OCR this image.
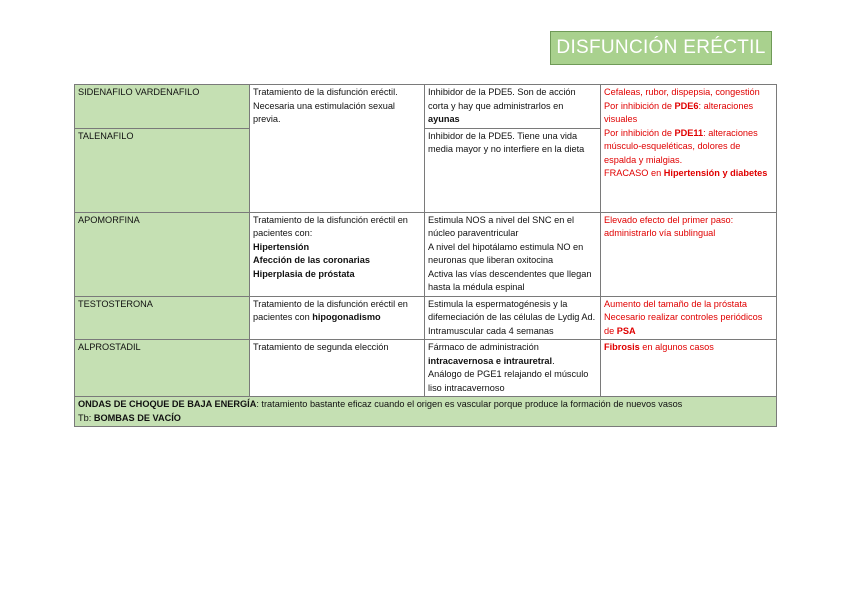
DISFUNCIÓN ERÉCTIL
SIDENAFILO VARDENAFILO	Tratamiento de la disfunción eréctil. Necesaria una estimulación sexual previa.	Inhibidor de la PDE5. Son de acción corta y hay que administrarlos en ayunas	Cefaleas, rubor, dispepsia, congestión
Por inhibición de PDE6: alteraciones visuales
Por inhibición de PDE11: alteraciones músculo-esqueléticas, dolores de espalda y mialgias.
FRACASO en Hipertensión y diabetes

TALENAFILO		Inhibidor de la PDE5. Tiene una vida media mayor y no interfiere en la dieta	
APOMORFINA	Tratamiento de la disfunción eréctil en pacientes con:
Hipertensión
Afección de las coronarias
Hiperplasia de próstata	Estimula NOS a nivel del SNC en el núcleo paraventricular
A nivel del hipotálamo estimula NO en neuronas que liberan oxitocina
Activa las vías descendentes que llegan hasta la médula espinal	Elevado efecto del primer paso: administrarlo vía sublingual
TESTOSTERONA	Tratamiento de la disfunción eréctil en pacientes con hipogonadismo	Estimula la espermatogénesis y la difemeciación de las células de Lydig Ad. Intramuscular cada 4 semanas	Aumento del tamaño de la próstata
Necesario realizar controles periódicos de PSA

ALPROSTADIL	Tratamiento de segunda elección	Fármaco de administración intracavernosa e intrauretral.
Análogo de PGE1 relajando el músculo liso intracavernoso	Fibrosis en algunos casos

ONDAS DE CHOQUE DE BAJA ENERGÍA: tratamiento bastante eficaz cuando el origen es vascular porque produce la formación de nuevos vasos
Tb: BOMBAS DE VACÍO			
